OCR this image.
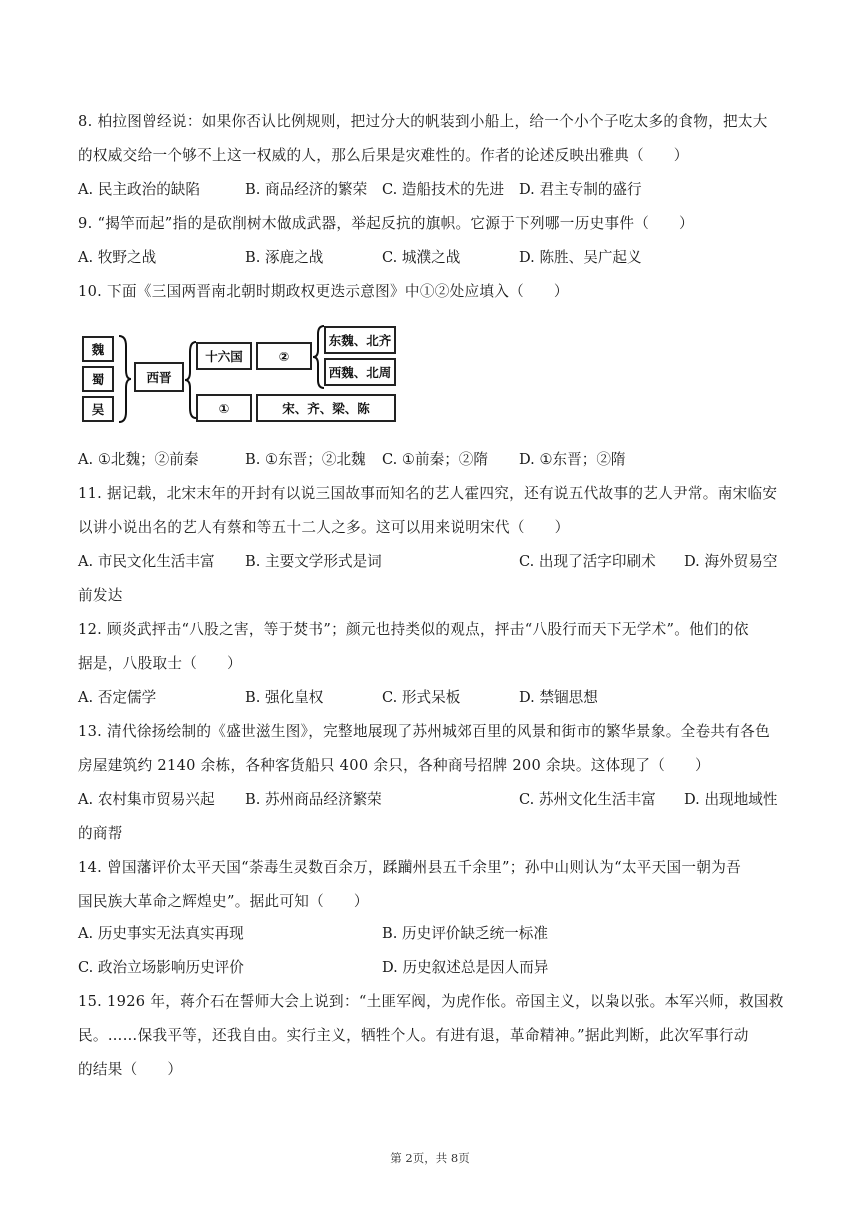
8. 柏拉图曾经说：如果你否认比例规则，把过分大的帆装到小船上，给一个小个子吃太多的食物，把太大
的权威交给一个够不上这一权威的人，那么后果是灾难性的。作者的论述反映出雅典（　　）
A. 民主政治的缺陷	B. 商品经济的繁荣 C. 造船技术的先进 D. 君主专制的盛行
9. “揭竿而起”指的是砍削树木做成武器，举起反抗的旗帜。它源于下列哪一历史事件（　　）
A. 牧野之战	B. 涿鹿之战	C. 城濮之战	D. 陈胜、吴广起义
10. 下面《三国两晋南北朝时期政权更迭示意图》中①②处应填入（　　）
魏
蜀
吴
西晋
十六国	②
东魏、北齐
西魏、北周
①	宋、齐、梁、陈
A. ①北魏；②前秦	B. ①东晋；②北魏 C. ①前秦；②隋 D. ①东晋；②隋
11. 据记载，北宋末年的开封有以说三国故事而知名的艺人霍四究，还有说五代故事的艺人尹常。南宋临安
以讲小说出名的艺人有蔡和等五十二人之多。这可以用来说明宋代（　　）
A. 市民文化生活丰富 B. 主要文学形式是词	C. 出现了活字印刷术 D. 海外贸易空
前发达
12. 顾炎武抨击“八股之害，等于焚书”；颜元也持类似的观点，抨击“八股行而天下无学术”。他们的依
据是，八股取士（　　）
A. 否定儒学	B. 强化皇权	C. 形式呆板	D. 禁锢思想
13. 清代徐扬绘制的《盛世滋生图》，完整地展现了苏州城郊百里的风景和街市的繁华景象。全卷共有各色
房屋建筑约 2140 余栋，各种客货船只 400 余只，各种商号招牌 200 余块。这体现了（　　）
A. 农村集市贸易兴起 B. 苏州商品经济繁荣	C. 苏州文化生活丰富 D. 出现地域性
的商帮
14. 曾国藩评价太平天国“荼毒生灵数百余万，蹂躏州县五千余里”；孙中山则认为“太平天国一朝为吾
国民族大革命之辉煌史”。据此可知（　　）
A. 历史事实无法真实再现	B. 历史评价缺乏统一标准
C. 政治立场影响历史评价	D. 历史叙述总是因人而异
15. 1926 年，蒋介石在誓师大会上说到：“土匪军阀，为虎作伥。帝国主义，以枭以张。本军兴师，救国救
民。……保我平等，还我自由。实行主义，牺牲个人。有进有退，革命精神。”据此判断，此次军事行动
的结果（　　）
第 2页，共 8页
